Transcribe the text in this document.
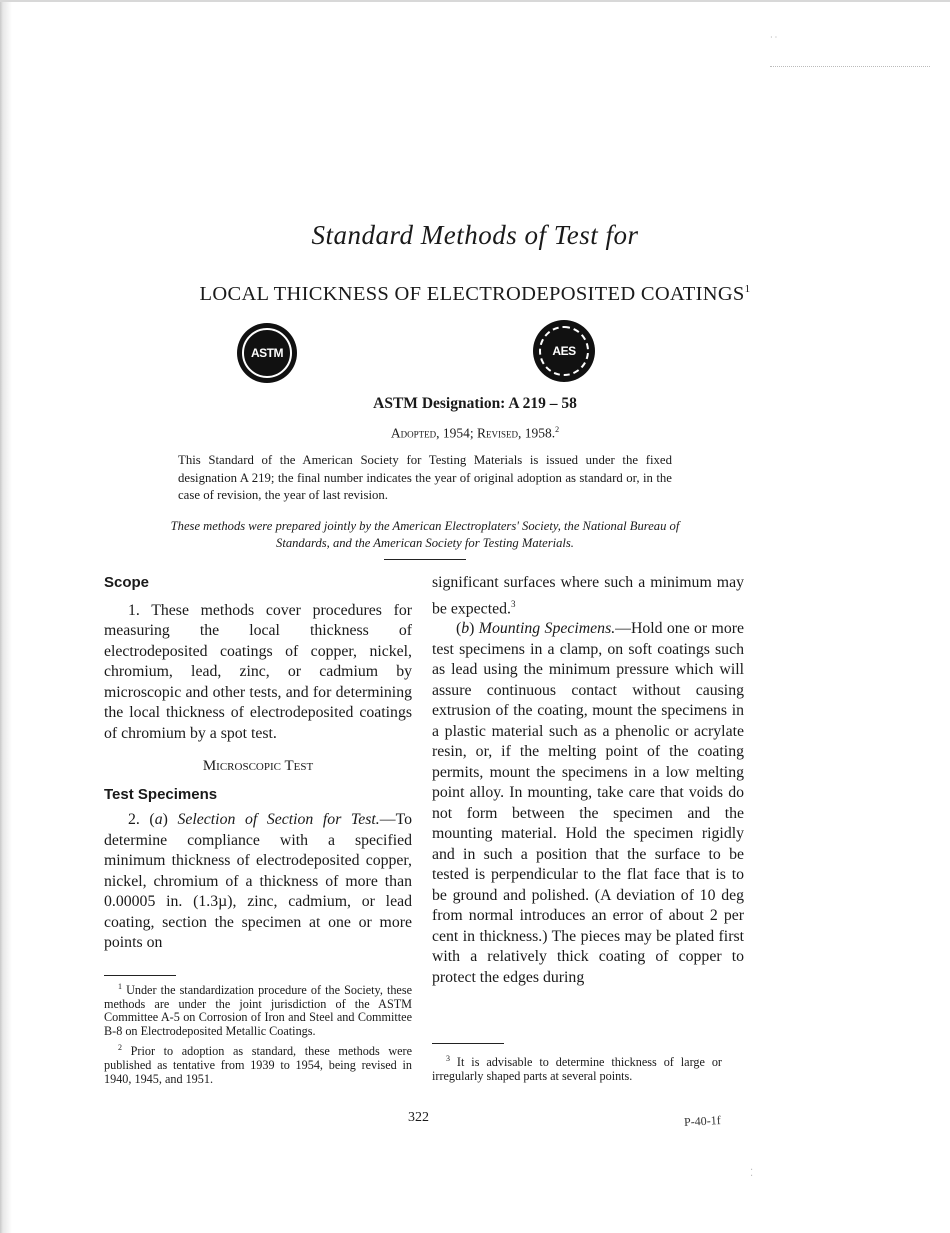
· ·
Standard Methods of Test for
LOCAL THICKNESS OF ELECTRODEPOSITED COATINGS$^1$
ASTM	AES
ASTM Designation: A 219 – 58
Adopted, 1954; Revised, 1958.$^2$
This Standard of the American Society for Testing Materials is issued under the fixed designation A 219; the final number indicates the year of original adoption as standard or, in the case of revision, the year of last revision.
These methods were prepared jointly by the American Electroplaters' Society, the National Bureau of Standards, and the American Society for Testing Materials.
Scope

1. These methods cover procedures for measuring the local thickness of electrodeposited coatings of copper, nickel, chromium, lead, zinc, or cadmium by microscopic and other tests, and for determining the local thickness of electrodeposited coatings of chromium by a spot test.

Microscopic Test
Test Specimens

2. (a) Selection of Section for Test.—To determine compliance with a specified minimum thickness of electrodeposited copper, nickel, chromium of a thickness of more than 0.00005 in. (1.3µ), zinc, cadmium, or lead coating, section the specimen at one or more points on

$^1$ Under the standardization procedure of the Society, these methods are under the joint jurisdiction of the ASTM Committee A-5 on Corrosion of Iron and Steel and Committee B-8 on Electrodeposited Metallic Coatings.

$^2$ Prior to adoption as standard, these methods were published as tentative from 1939 to 1954, being revised in 1940, 1945, and 1951.

significant surfaces where such a minimum may be expected.$^3$

(b) Mounting Specimens.—Hold one or more test specimens in a clamp, on soft coatings such as lead using the minimum pressure which will assure continuous contact without causing extrusion of the coating, mount the specimens in a plastic material such as a phenolic or acrylate resin, or, if the melting point of the coating permits, mount the specimens in a low melting point alloy. In mounting, take care that voids do not form between the specimen and the mounting material. Hold the specimen rigidly and in such a position that the surface to be tested is perpendicular to the flat face that is to be ground and polished. (A deviation of 10 deg from normal introduces an error of about 2 per cent in thickness.) The pieces may be plated first with a relatively thick coating of copper to protect the edges during

$^3$ It is advisable to determine thickness of large or irregularly shaped parts at several points.

322	P-40-1f
⁚
